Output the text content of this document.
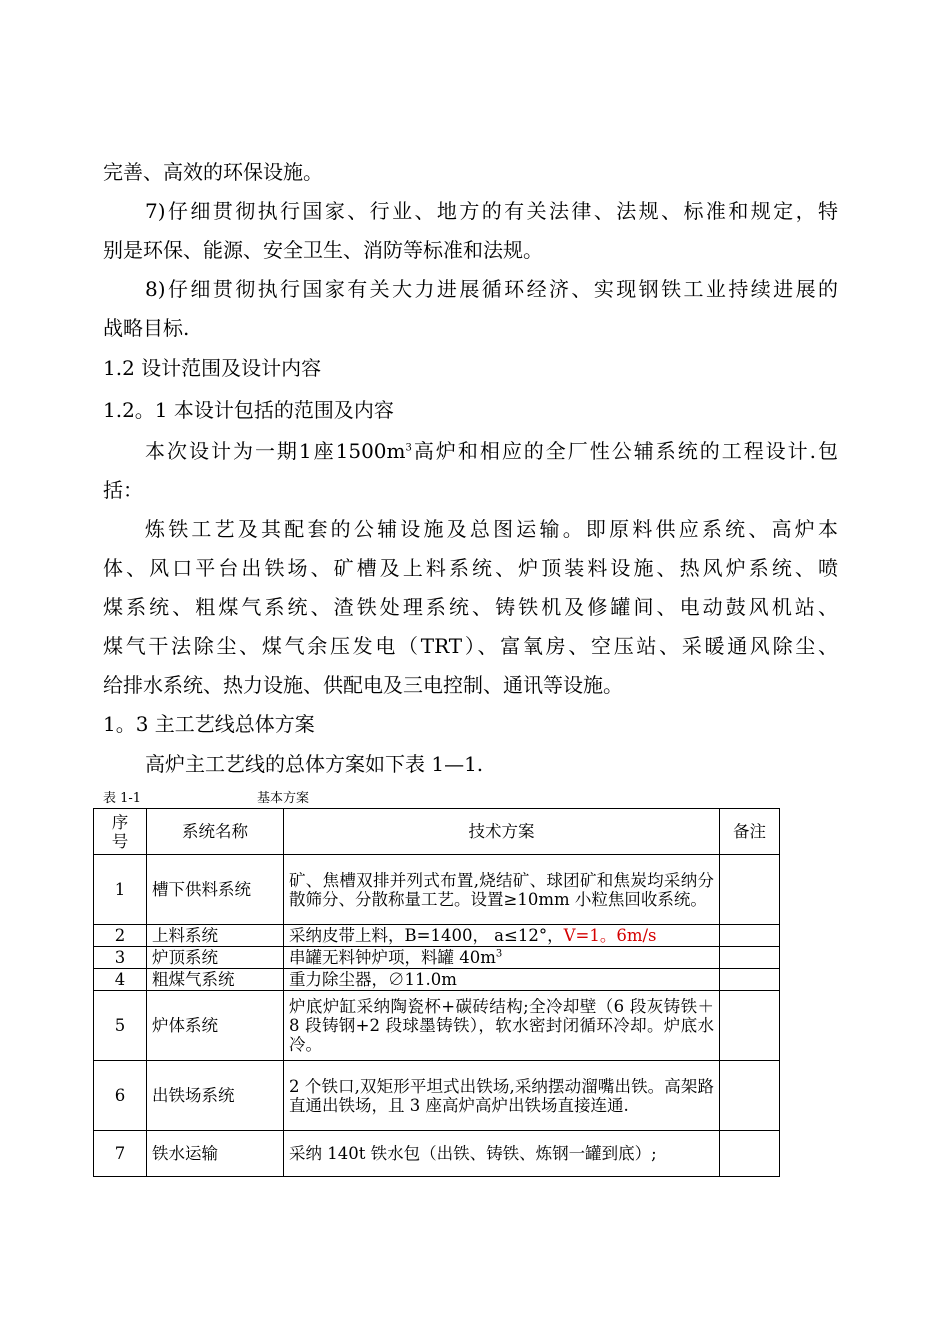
完善、高效的环保设施。
7)仔细贯彻执行国家、行业、地方的有关法律、法规、标准和规定，特
别是环保、能源、安全卫生、消防等标准和法规。
8)仔细贯彻执行国家有关大力进展循环经济、实现钢铁工业持续进展的
战略目标.
1.2 设计范围及设计内容
1.2。1 本设计包括的范围及内容
本次设计为一期1座$1500m^3$高炉和相应的全厂性公辅系统的工程设计.包
括：
炼铁工艺及其配套的公辅设施及总图运输。即原料供应系统、高炉本
体、风口平台出铁场、矿槽及上料系统、炉顶装料设施、热风炉系统、喷
煤系统、粗煤气系统、渣铁处理系统、铸铁机及修罐间、电动鼓风机站、
煤气干法除尘、煤气余压发电（TRT）、富氧房、空压站、采暖通风除尘、
给排水系统、热力设施、供配电及三电控制、通讯等设施。
1。3 主工艺线总体方案
高炉主工艺线的总体方案如下表 1—1.
表 1-1	基本方案
序号	系统名称	技术方案	备注
1	槽下供料系统	矿、焦槽双排并列式布置,烧结矿、球团矿和焦炭均采纳分散筛分、分散称量工艺。设置≥10mm 小粒焦回收系统。	
2	上料系统	采纳皮带上料，B=1400， a≤12°，V=1。6m/s	
3	炉顶系统	串罐无料钟炉项，料罐 $40m^3$	
4	粗煤气系统	重力除尘器，∅11.0m	
5	炉体系统	炉底炉缸采纳陶瓷杯+碳砖结构;全冷却壁（6 段灰铸铁＋8 段铸钢+2 段球墨铸铁），软水密封闭循环冷却。炉底水冷。	
6	出铁场系统	2 个铁口,双矩形平坦式出铁场,采纳摆动溜嘴出铁。高架路直通出铁场，且 3 座高炉高炉出铁场直接连通.	
7	铁水运输	采纳 140t 铁水包（出铁、铸铁、炼钢一罐到底）;	
